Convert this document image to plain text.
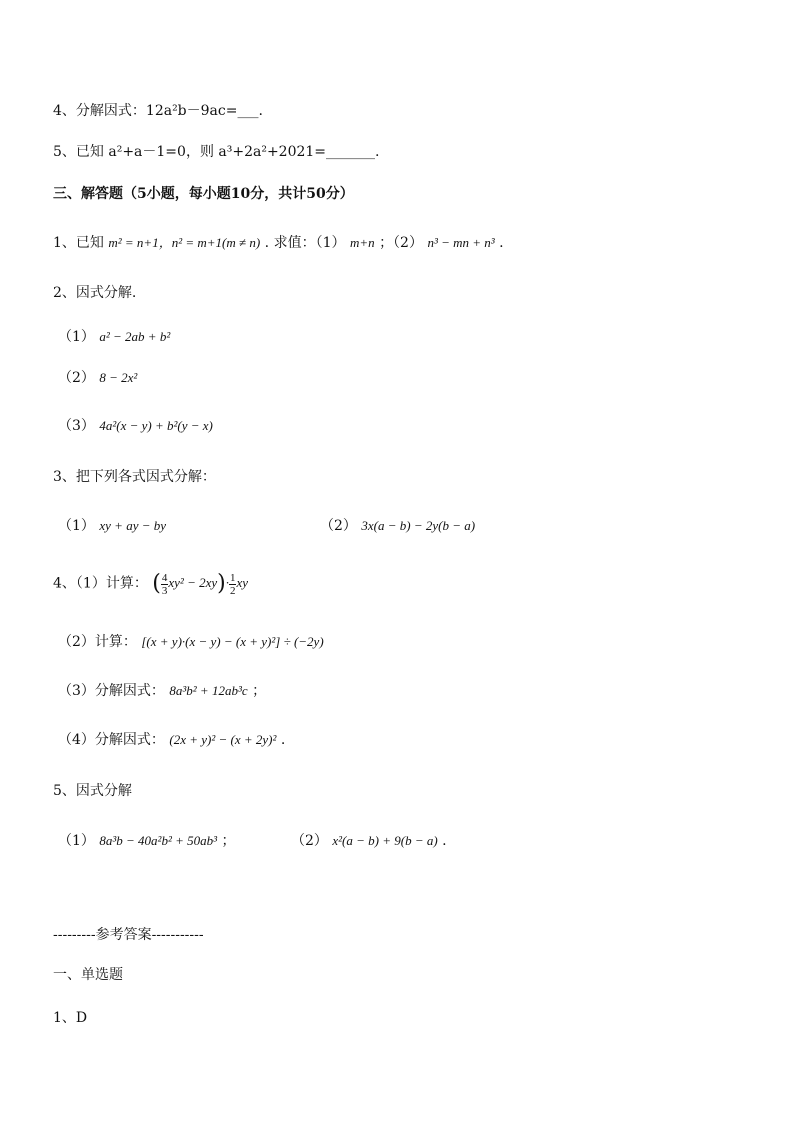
4、分解因式：12a²b－9ac=___.
5、已知 a²+a－1=0，则 a³+2a²+2021=_______.
三、解答题（5小题，每小题10分，共计50分）
1、已知 m² = n+1，n² = m+1(m ≠ n) . 求值：（1） m+n ；（2） n³ − mn + n³ .
2、因式分解.
（1） a² − 2ab + b²
（2） 8 − 2x²
（3） 4a²(x − y) + b²(y − x)
3、把下列各式因式分解：
（1） xy + ay − by	（2） 3x(a − b) − 2y(b − a)
4、（1）计算： ( $\frac{4}{3} xy^2 - 2xy)\cdot \frac{1}{2}$ xy
（2）计算： [(x + y)·(x − y) − (x + y)²] ÷ (−2y)
（3）分解因式： 8a³b² + 12ab³c ；
（4）分解因式： (2x + y)² − (x + 2y)² .
5、因式分解
（1） 8a³b − 40a²b² + 50ab³ ；	（2） x²(a − b) + 9(b − a) .
---------参考答案-----------
一、单选题
1、D
